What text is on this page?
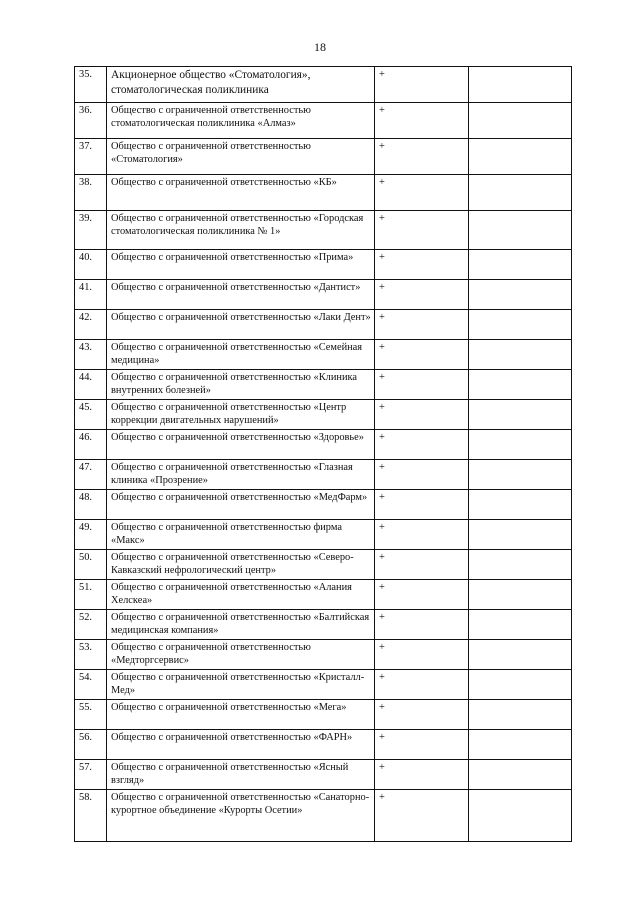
18
35.	Акционерное общество «Стоматология», стоматологическая поликлиника	+	
36.	Общество с ограниченной ответственностью стоматологическая поликлиника «Алмаз»	+	
37.	Общество с ограниченной ответственностью «Стоматология»	+	
38.	Общество с ограниченной ответственностью «КБ»	+	
39.	Общество с ограниченной ответственностью «Городская стоматологическая поликлиника № 1»	+	
40.	Общество с ограниченной ответственностью «Прима»	+	
41.	Общество с ограниченной ответственностью «Дантист»	+	
42.	Общество с ограниченной ответственностью «Лаки Дент»	+	
43.	Общество с ограниченной ответственностью «Семейная медицина»	+	
44.	Общество с ограниченной ответственностью «Клиника внутренних болезней»	+	
45.	Общество с ограниченной ответственностью «Центр коррекции двигательных нарушений»	+	
46.	Общество с ограниченной ответственностью «Здоровье»	+	
47.	Общество с ограниченной ответственностью «Глазная клиника «Прозрение»	+	
48.	Общество с ограниченной ответственностью «МедФарм»	+	
49.	Общество с ограниченной ответственностью фирма «Макс»	+	
50.	Общество с ограниченной ответственностью «Северо-Кавказский нефрологический центр»	+	
51.	Общество с ограниченной ответственностью «Алания Хелскеа»	+	
52.	Общество с ограниченной ответственностью «Балтийская медицинская компания»	+	
53.	Общество с ограниченной ответственностью «Медторгсервис»	+	
54.	Общество с ограниченной ответственностью «Кристалл-Мед»	+	
55.	Общество с ограниченной ответственностью «Мега»	+	
56.	Общество с ограниченной ответственностью «ФАРН»	+	
57.	Общество с ограниченной ответственностью «Ясный взгляд»	+	
58.	Общество с ограниченной ответственностью «Санаторно-курортное объединение «Курорты Осетии»	+	
